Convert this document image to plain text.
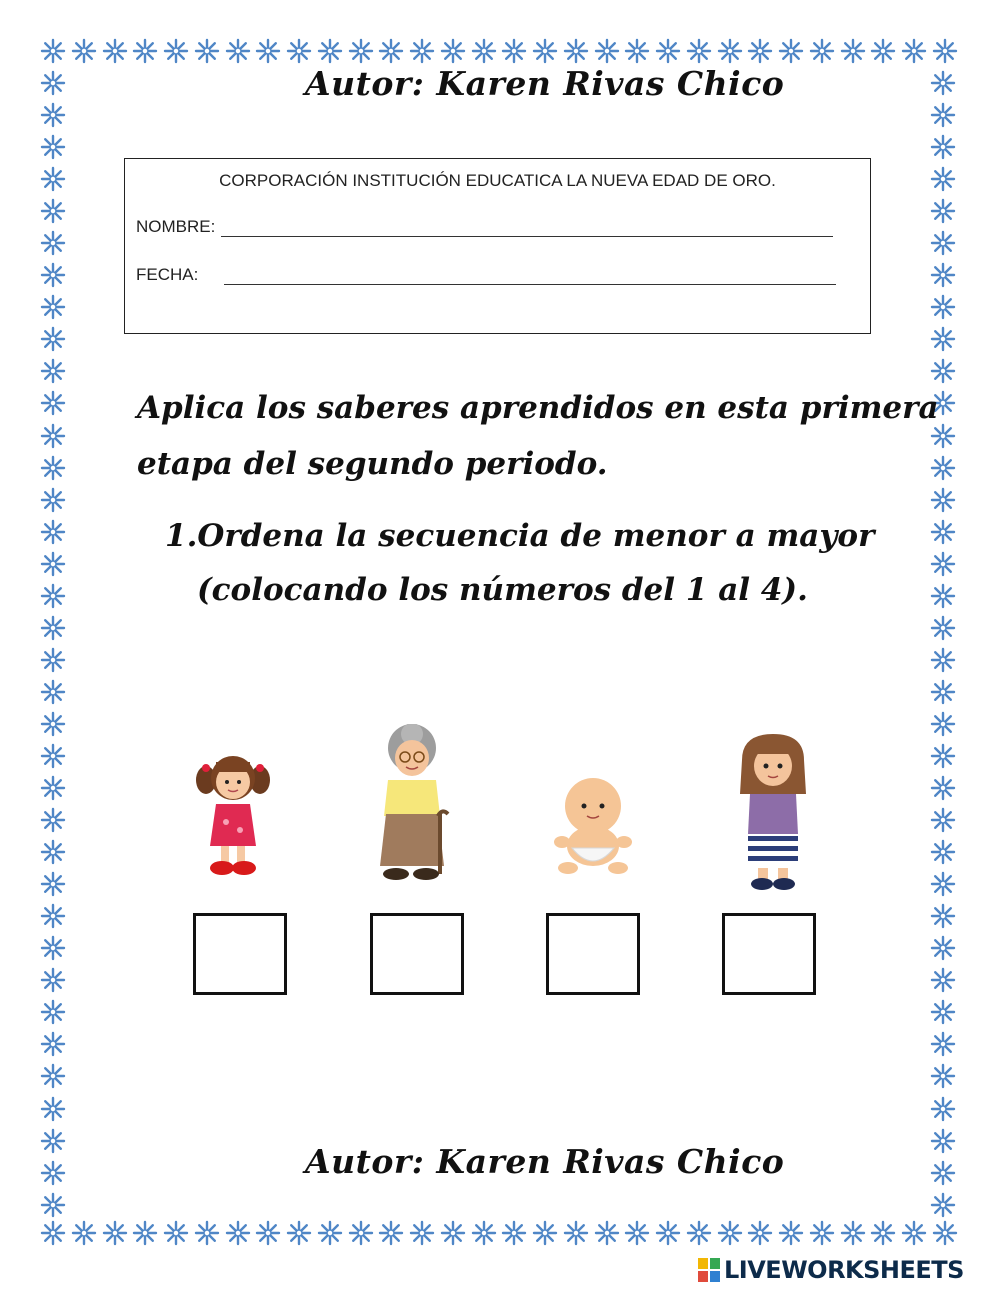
Autor: Karen Rivas Chico
CORPORACIÓN INSTITUCIÓN EDUCATICA LA NUEVA EDAD DE ORO.
NOMBRE:
FECHA:
Aplica los saberes aprendidos en esta primera
etapa del segundo periodo.
1.Ordena la secuencia de menor a mayor
(colocando los números del 1 al 4).
Autor: Karen Rivas Chico
LIVEWORKSHEETS
